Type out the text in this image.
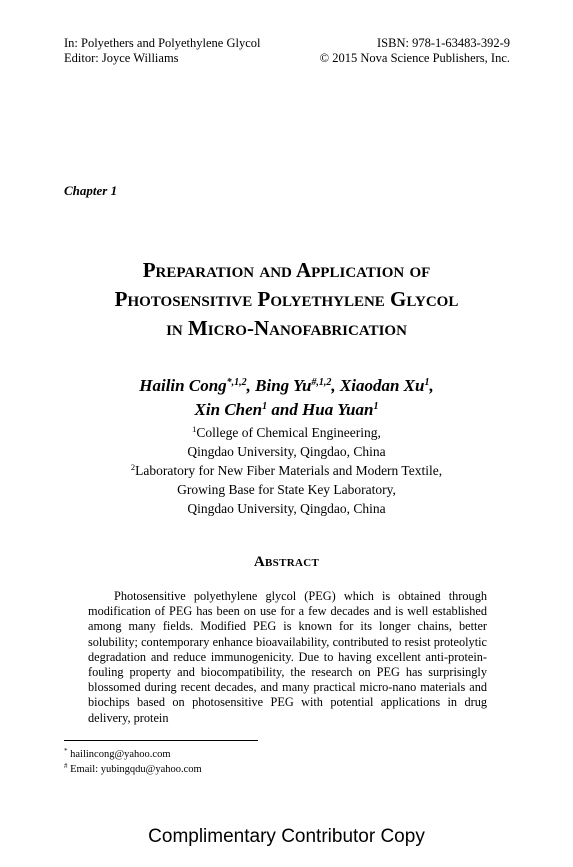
In: Polyethers and Polyethylene Glycol
Editor: Joyce Williams
ISBN: 978-1-63483-392-9
© 2015 Nova Science Publishers, Inc.
Chapter 1
Preparation and Application of
Photosensitive Polyethylene Glycol
in Micro-Nanofabrication
Hailin Cong$^{*,1,2}$, Bing $Yu^{\#,1,2}$, Xiaodan Xu$^1$,
Xin Chen$^1$ and Hua Yuan$^1$
$^1$College of Chemical Engineering,
Qingdao University, Qingdao, China
$^2$Laboratory for New Fiber Materials and Modern Textile,
Growing Base for State Key Laboratory,
Qingdao University, Qingdao, China
Abstract
Photosensitive polyethylene glycol (PEG) which is obtained through modification of PEG has been on use for a few decades and is well established among many fields. Modified PEG is known for its longer chains, better solubility; contemporary enhance bioavailability, contributed to resist proteolytic degradation and reduce immunogenicity. Due to having excellent anti-protein-fouling property and biocompatibility, the research on PEG has surprisingly blossomed during recent decades, and many practical micro-nano materials and biochips based on photosensitive PEG with potential applications in drug delivery, protein
* hailincong@yahoo.com
# Email: yubingqdu@yahoo.com
Complimentary Contributor Copy
